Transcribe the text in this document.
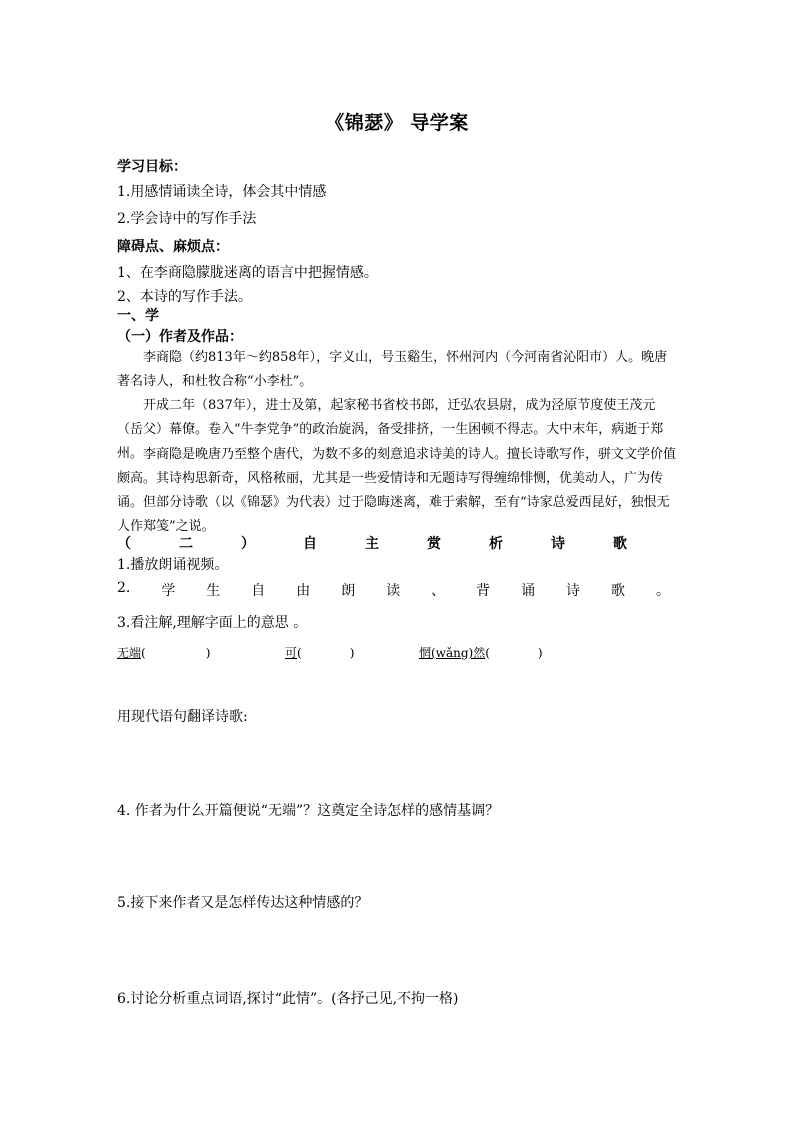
《锦瑟》 导学案
学习目标：
1.用感情诵读全诗，体会其中情感
2.学会诗中的写作手法
障碍点、麻烦点：
1、在李商隐朦胧迷离的语言中把握情感。
2、本诗的写作手法。
一、学
（一）作者及作品：
李商隐（约813年～约858年），字义山，号玉谿生，怀州河内（今河南省沁阳市）人。晚唐著名诗人，和杜牧合称“小李杜”。
开成二年（837年），进士及第，起家秘书省校书郎，迁弘农县尉，成为泾原节度使王茂元（岳父）幕僚。卷入“牛李党争”的政治旋涡，备受排挤，一生困顿不得志。大中末年，病逝于郑州。 李商隐是晚唐乃至整个唐代，为数不多的刻意追求诗美的诗人。擅长诗歌写作，骈文文学价值颇高。其诗构思新奇，风格秾丽，尤其是一些爱情诗和无题诗写得缠绵悱恻，优美动人，广为传诵。但部分诗歌（以《锦瑟》为代表）过于隐晦迷离，难于索解，至有“诗家总爱西昆好，独恨无人作郑笺”之说。
（	二	）	自	主	赏	析	诗	歌
1.播放朗诵视频。
2. 学 生 自 由 朗 读 、 背 诵 诗 歌 。
3.看注解,理解字面上的意思 。
无端(　　　　　)	可(　　　　)	惘(wǎng)然(　　　　)
用现代语句翻译诗歌:
4. 作者为什么开篇便说“无端”？这奠定全诗怎样的感情基调？
5.接下来作者又是怎样传达这种情感的？
6.讨论分析重点词语,探讨“此情”。(各抒己见,不拘一格)
